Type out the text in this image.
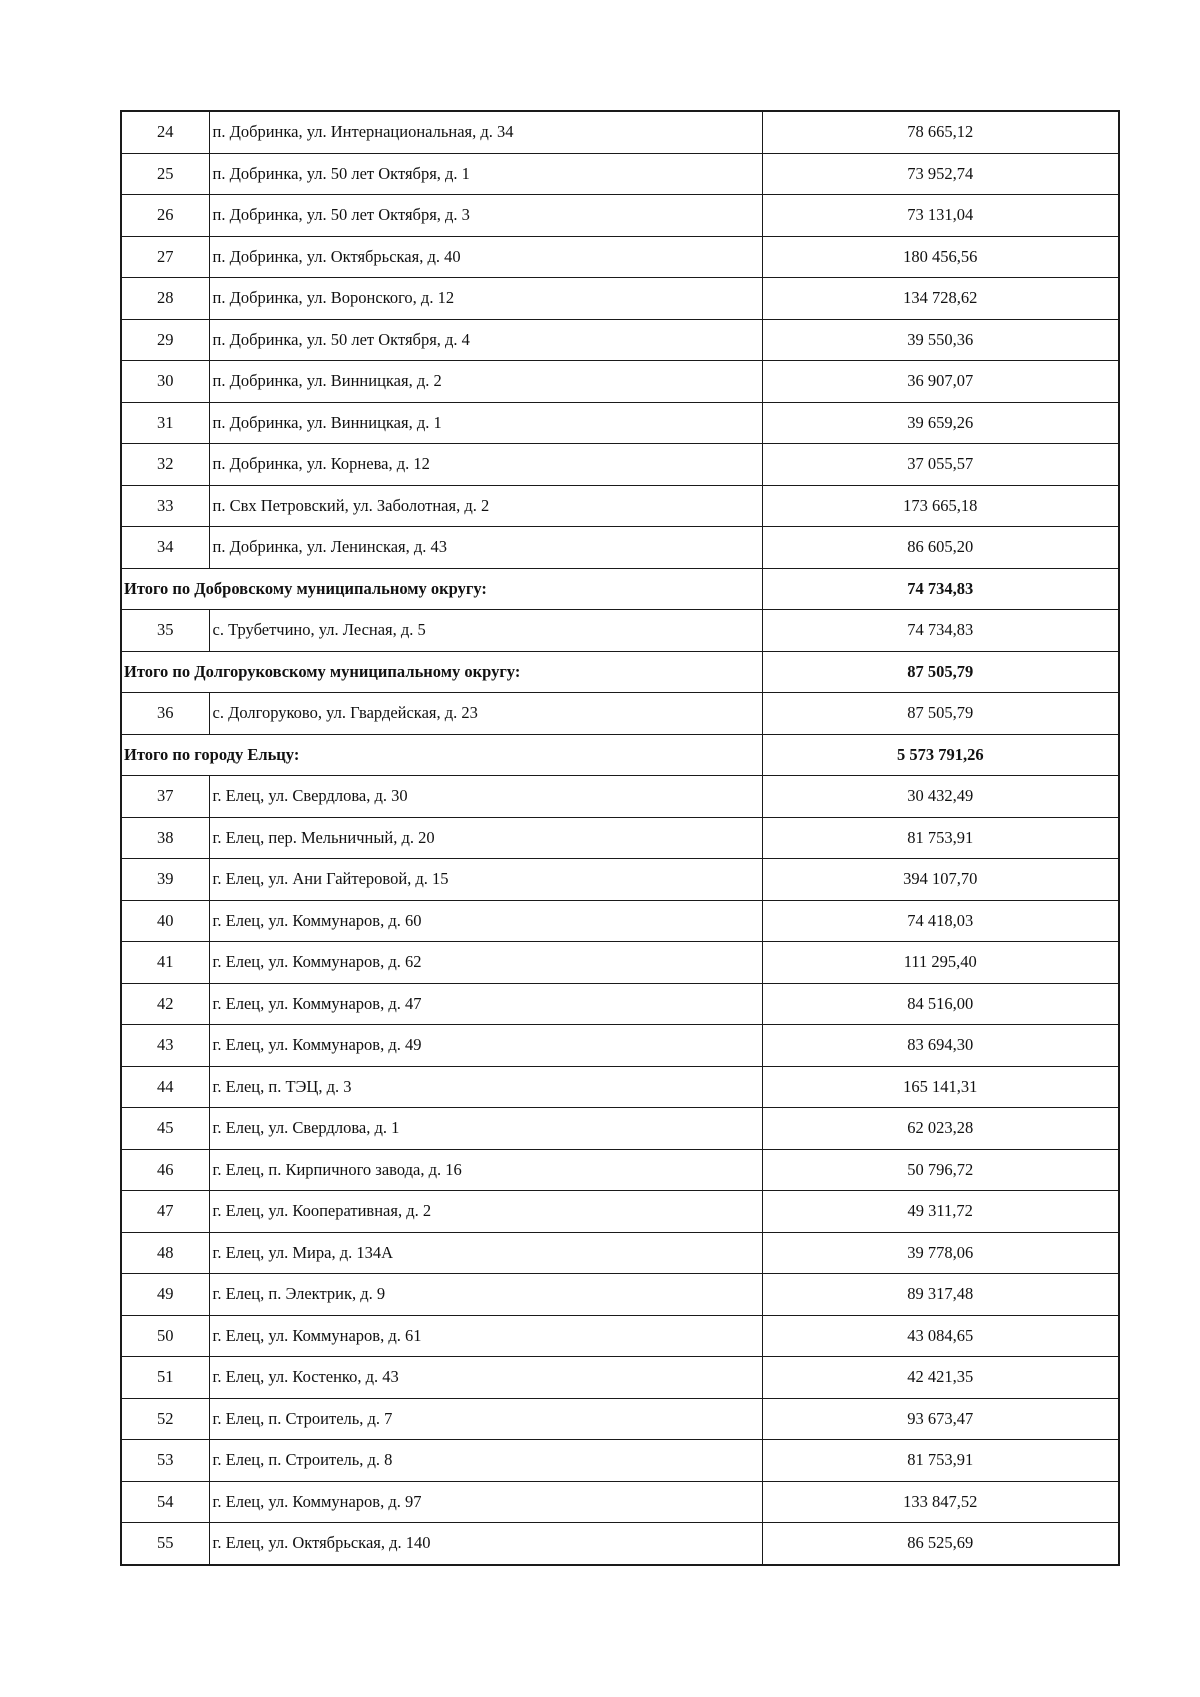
24	п. Добринка, ул. Интернациональная, д. 34	78 665,12
25	п. Добринка, ул. 50 лет Октября, д. 1	73 952,74
26	п. Добринка, ул. 50 лет Октября, д. 3	73 131,04
27	п. Добринка, ул. Октябрьская, д. 40	180 456,56
28	п. Добринка, ул. Воронского, д. 12	134 728,62
29	п. Добринка, ул. 50 лет Октября, д. 4	39 550,36
30	п. Добринка, ул. Винницкая, д. 2	36 907,07
31	п. Добринка, ул. Винницкая, д. 1	39 659,26
32	п. Добринка, ул. Корнева, д. 12	37 055,57
33	п. Свх Петровский, ул. Заболотная, д. 2	173 665,18
34	п. Добринка, ул. Ленинская, д. 43	86 605,20
Итого по Добровскому муниципальному округу:		74 734,83
35	с. Трубетчино, ул. Лесная, д. 5	74 734,83
Итого по Долгоруковскому муниципальному округу:		87 505,79
36	с. Долгоруково, ул. Гвардейская, д. 23	87 505,79
Итого по городу Ельцу:		5 573 791,26
37	г. Елец, ул. Свердлова, д. 30	30 432,49
38	г. Елец, пер. Мельничный, д. 20	81 753,91
39	г. Елец, ул. Ани Гайтеровой, д. 15	394 107,70
40	г. Елец, ул. Коммунаров, д. 60	74 418,03
41	г. Елец, ул. Коммунаров, д. 62	111 295,40
42	г. Елец, ул. Коммунаров, д. 47	84 516,00
43	г. Елец, ул. Коммунаров, д. 49	83 694,30
44	г. Елец, п. ТЭЦ, д. 3	165 141,31
45	г. Елец, ул. Свердлова, д. 1	62 023,28
46	г. Елец, п. Кирпичного завода, д. 16	50 796,72
47	г. Елец, ул. Кооперативная, д. 2	49 311,72
48	г. Елец, ул. Мира, д. 134А	39 778,06
49	г. Елец, п. Электрик, д. 9	89 317,48
50	г. Елец, ул. Коммунаров, д. 61	43 084,65
51	г. Елец, ул. Костенко, д. 43	42 421,35
52	г. Елец, п. Строитель, д. 7	93 673,47
53	г. Елец, п. Строитель, д. 8	81 753,91
54	г. Елец, ул. Коммунаров, д. 97	133 847,52
55	г. Елец, ул. Октябрьская, д. 140	86 525,69
